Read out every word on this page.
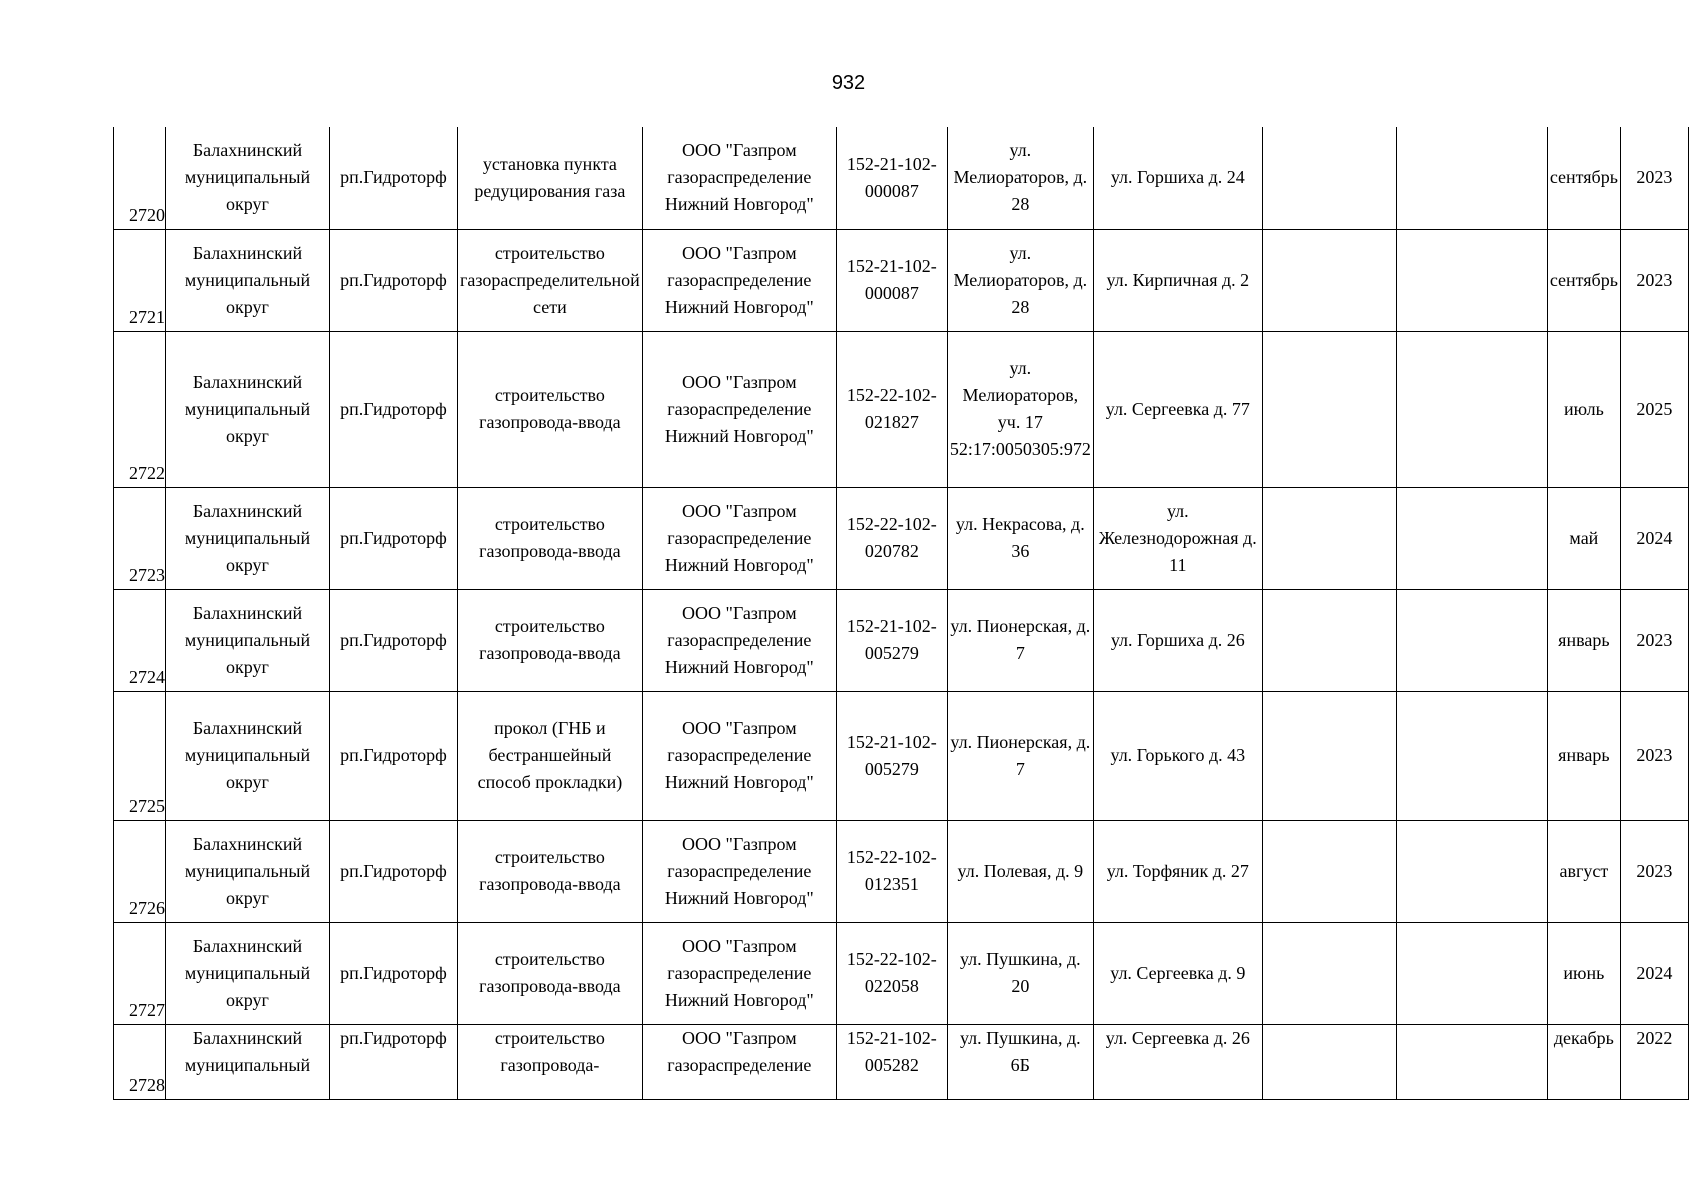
932
2720	Балахнинский муниципальный округ	рп.Гидроторф	установка пункта редуцирования газа	ООО "Газпром газораспределение Нижний Новгород"	152-21-102-000087	ул. Мелиораторов, д. 28	ул. Горшиха д. 24			сентябрь	2023
2721	Балахнинский муниципальный округ	рп.Гидроторф	строительство газораспределительной сети	ООО "Газпром газораспределение Нижний Новгород"	152-21-102-000087	ул. Мелиораторов, д. 28	ул. Кирпичная д. 2			сентябрь	2023
2722	Балахнинский муниципальный округ	рп.Гидроторф	строительство газопровода-ввода	ООО "Газпром газораспределение Нижний Новгород"	152-22-102-021827	ул. Мелиораторов, уч. 17 52:17:0050305:972	ул. Сергеевка д. 77			июль	2025
2723	Балахнинский муниципальный округ	рп.Гидроторф	строительство газопровода-ввода	ООО "Газпром газораспределение Нижний Новгород"	152-22-102-020782	ул. Некрасова, д. 36	ул. Железнодорожная д. 11			май	2024
2724	Балахнинский муниципальный округ	рп.Гидроторф	строительство газопровода-ввода	ООО "Газпром газораспределение Нижний Новгород"	152-21-102-005279	ул. Пионерская, д. 7	ул. Горшиха д. 26			январь	2023
2725	Балахнинский муниципальный округ	рп.Гидроторф	прокол (ГНБ и бестраншейный способ прокладки)	ООО "Газпром газораспределение Нижний Новгород"	152-21-102-005279	ул. Пионерская, д. 7	ул. Горького д. 43			январь	2023
2726	Балахнинский муниципальный округ	рп.Гидроторф	строительство газопровода-ввода	ООО "Газпром газораспределение Нижний Новгород"	152-22-102-012351	ул. Полевая, д. 9	ул. Торфяник д. 27			август	2023
2727	Балахнинский муниципальный округ	рп.Гидроторф	строительство газопровода-ввода	ООО "Газпром газораспределение Нижний Новгород"	152-22-102-022058	ул. Пушкина, д. 20	ул. Сергеевка д. 9			июнь	2024
2728	Балахнинский муниципальный	рп.Гидроторф	строительство газопровода-	ООО "Газпром газораспределение	152-21-102-005282	ул. Пушкина, д. 6Б	ул. Сергеевка д. 26			декабрь	2022
